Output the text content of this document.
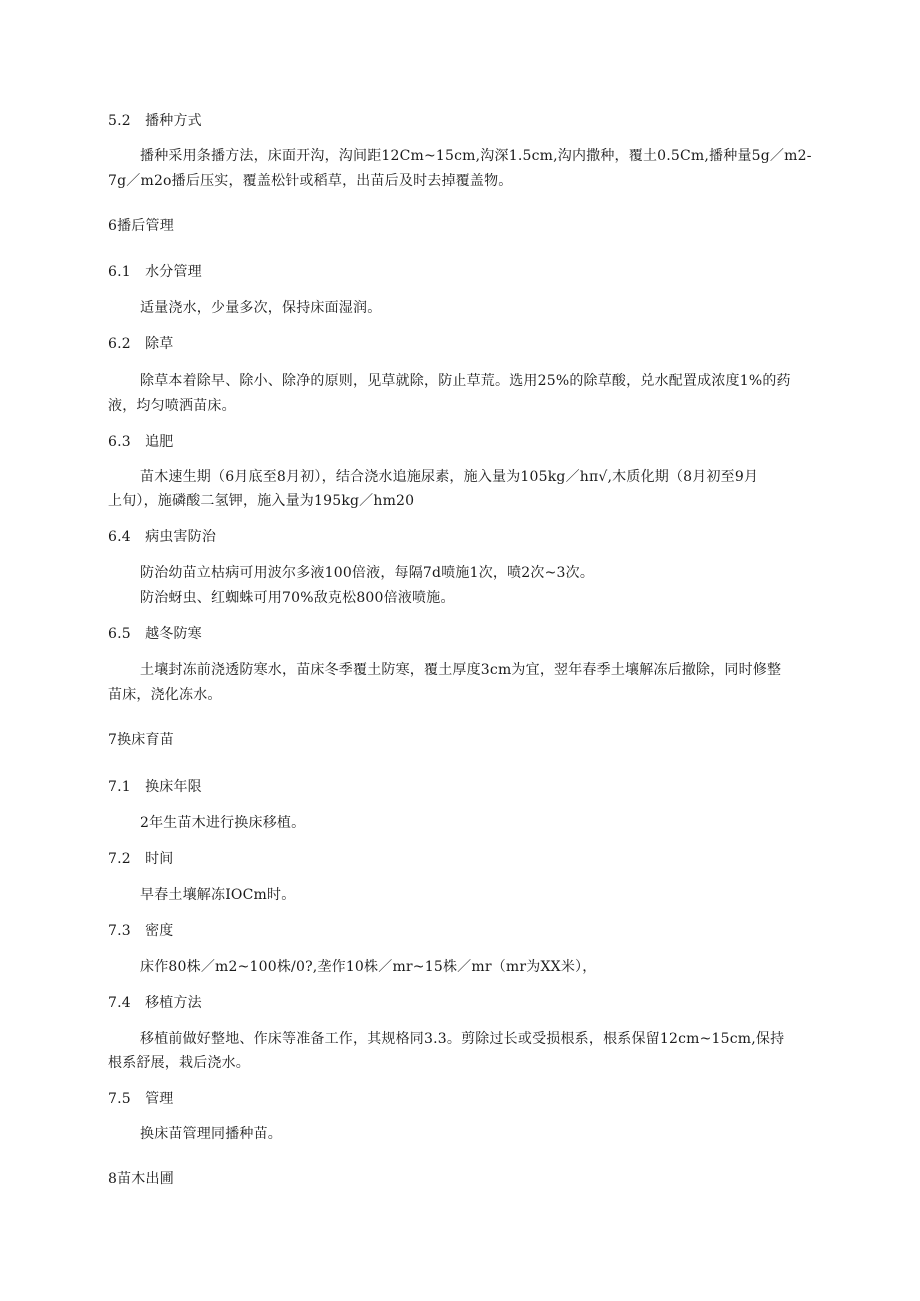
5.2　播种方式
播种采用条播方法，床面开沟，沟间距12Cm~15cm,沟深1.5cm,沟内撒种，覆土0.5Cm,播种量5g／m2-
7g／m2o播后压实，覆盖松针或稻草，出苗后及时去掉覆盖物。
6播后管理
6.1　水分管理
适量浇水，少量多次，保持床面湿润。
6.2　除草
除草本着除早、除小、除净的原则，见草就除，防止草荒。选用25%的除草酸，兑水配置成浓度1%的药
液，均匀喷洒苗床。
6.3　追肥
苗木速生期（6月底至8月初），结合浇水追施尿素，施入量为105kg／hπ√,木质化期（8月初至9月
上旬），施磷酸二氢钾，施入量为195kg／hm20
6.4　病虫害防治
防治幼苗立枯病可用波尔多液100倍液，每隔7d喷施1次，喷2次~3次。
防治蚜虫、红蜘蛛可用70%敌克松800倍液喷施。
6.5　越冬防寒
土壤封冻前浇透防寒水，苗床冬季覆土防寒，覆土厚度3cm为宜，翌年春季土壤解冻后撤除，同时修整
苗床，浇化冻水。
7换床育苗
7.1　换床年限
2年生苗木进行换床移植。
7.2　时间
早春土壤解冻IOCm时。
7.3　密度
床作80株／m2~100株/0?,垄作10株／mr~15株／mr（mr为XX米），
7.4　移植方法
移植前做好整地、作床等准备工作，其规格同3.3。剪除过长或受损根系，根系保留12cm~15cm,保持
根系舒展，栽后浇水。
7.5　管理
换床苗管理同播种苗。
8苗木出圃
